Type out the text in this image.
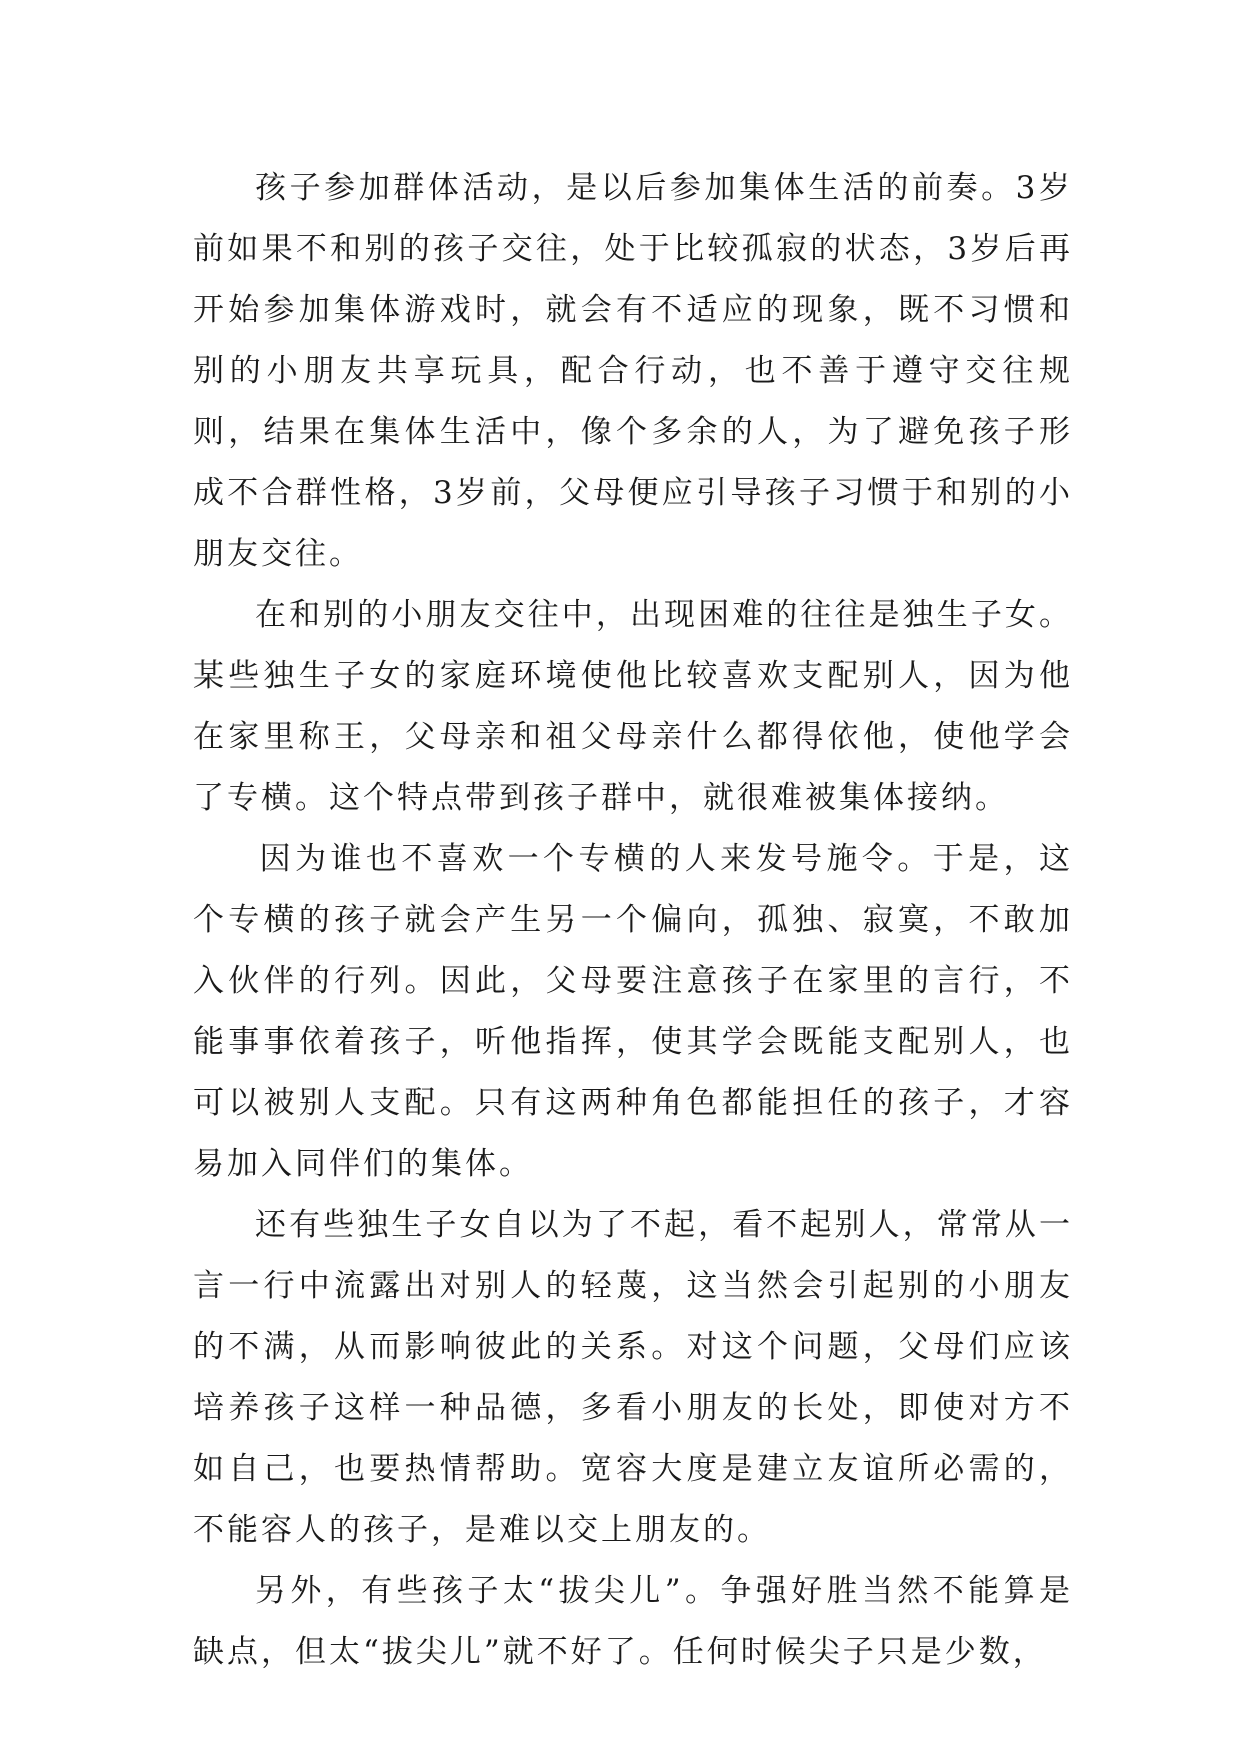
孩子参加群体活动，是以后参加集体生活的前奏。3岁前如果不和别的孩子交往，处于比较孤寂的状态，3岁后再开始参加集体游戏时，就会有不适应的现象，既不习惯和别的小朋友共享玩具，配合行动，也不善于遵守交往规则，结果在集体生活中，像个多余的人，为了避免孩子形成不合群性格，3岁前，父母便应引导孩子习惯于和别的小朋友交往。

在和别的小朋友交往中，出现困难的往往是独生子女。某些独生子女的家庭环境使他比较喜欢支配别人，因为他在家里称王，父母亲和祖父母亲什么都得依他，使他学会了专横。这个特点带到孩子群中，就很难被集体接纳。

因为谁也不喜欢一个专横的人来发号施令。于是，这个专横的孩子就会产生另一个偏向，孤独、寂寞，不敢加入伙伴的行列。因此，父母要注意孩子在家里的言行，不能事事依着孩子，听他指挥，使其学会既能支配别人，也可以被别人支配。只有这两种角色都能担任的孩子，才容易加入同伴们的集体。

还有些独生子女自以为了不起，看不起别人，常常从一言一行中流露出对别人的轻蔑，这当然会引起别的小朋友的不满，从而影响彼此的关系。对这个问题，父母们应该培养孩子这样一种品德，多看小朋友的长处，即使对方不如自己，也要热情帮助。宽容大度是建立友谊所必需的，不能容人的孩子，是难以交上朋友的。

另外，有些孩子太“拔尖儿”。争强好胜当然不能算是缺点，但太“拔尖儿”就不好了。任何时候尖子只是少数，
